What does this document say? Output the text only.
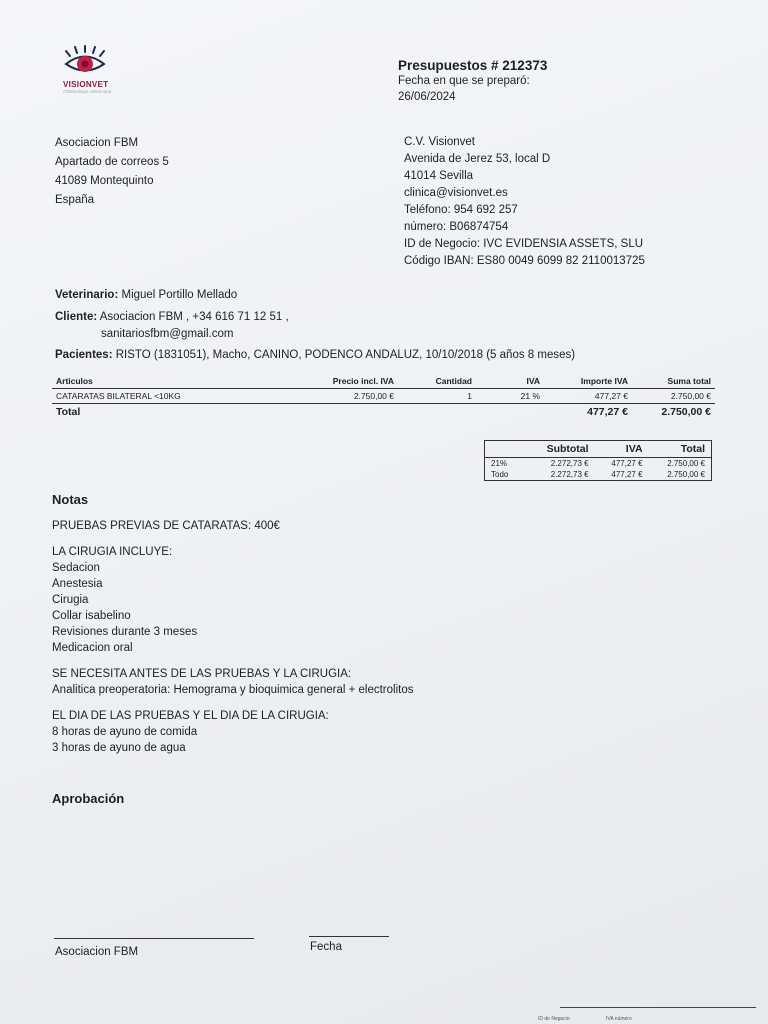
VISIONVET
Oftalmología Veterinaria
Presupuestos # 212373
Fecha en que se preparó:
26/06/2024
Asociacion FBM
Apartado de correos 5
41089 Montequinto
España
C.V. Visionvet
Avenida de Jerez 53, local D
41014 Sevilla
clinica@visionvet.es
Teléfono: 954 692 257
número: B06874754
ID de Negocio: IVC EVIDENSIA ASSETS, SLU
Código IBAN: ES80 0049 6099 82 2110013725
Veterinario: Miguel Portillo Mellado
Cliente: Asociacion FBM , +34 616 71 12 51 ,
sanitariosfbm@gmail.com
Pacientes: RISTO (1831051), Macho, CANINO, PODENCO ANDALUZ, 10/10/2018 (5 años 8 meses)
Articulos	Precio incl. IVA	Cantidad	IVA	Importe IVA	Suma total
CATARATAS BILATERAL <10KG	2.750,00 €	1	21 %	477,27 €	2.750,00 €
Total				477,27 €	2.750,00 €
	Subtotal	IVA	Total
21%	2.272,73 €	477,27 €	2.750,00 €
Todo	2.272,73 €	477,27 €	2.750,00 €
Notas
PRUEBAS PREVIAS DE CATARATAS: 400€
LA CIRUGIA INCLUYE:
Sedacion
Anestesia
Cirugia
Collar isabelino
Revisiones durante 3 meses
Medicacion oral
SE NECESITA ANTES DE LAS PRUEBAS Y LA CIRUGIA:
Analitica preoperatoria: Hemograma y bioquimica general + electrolitos
EL DIA DE LAS PRUEBAS Y EL DIA DE LA CIRUGIA:
8 horas de ayuno de comida
3 horas de ayuno de agua
Aprobación
Asociacion FBM	Fecha
ID de Negocio	IVA número
